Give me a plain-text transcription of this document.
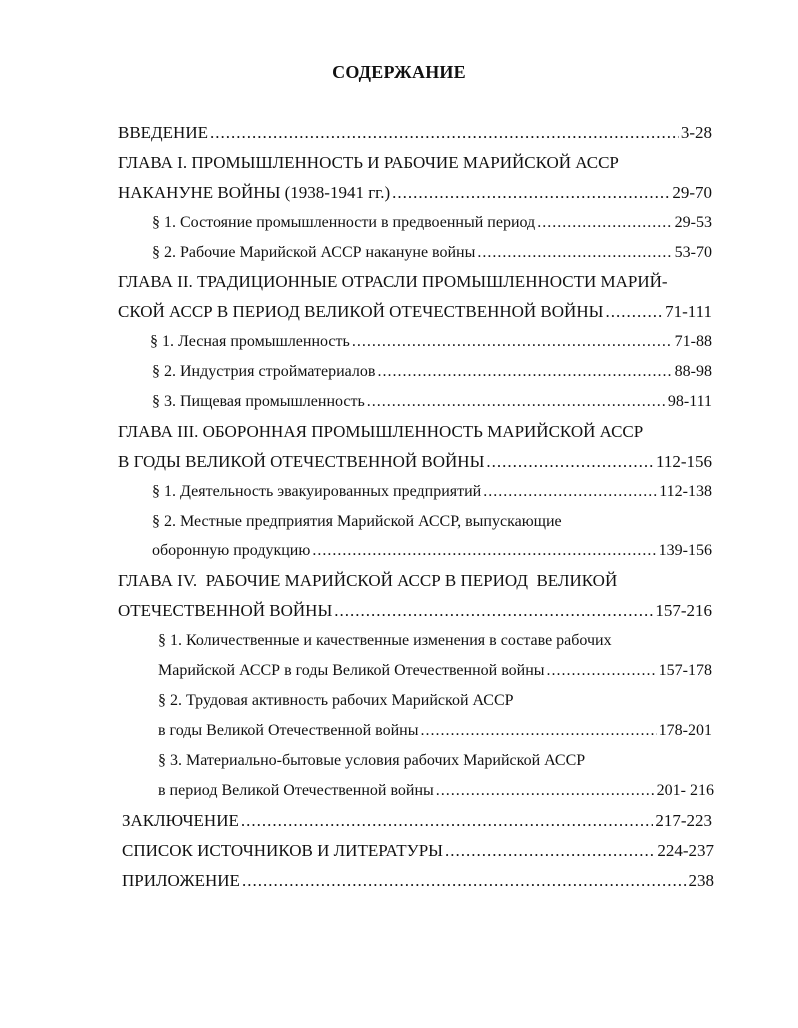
СОДЕРЖАНИЕ
ВВЕДЕНИЕ .....	3-28
ГЛАВА I. ПРОМЫШЛЕННОСТЬ И РАБОЧИЕ МАРИЙСКОЙ АССР
НАКАНУНЕ ВОЙНЫ (1938-1941 гг.) .....	29-70
§ 1. Состояние промышленности в предвоенный период .....	29-53
§ 2. Рабочие Марийской АССР накануне войны .....	53-70
ГЛАВА II. ТРАДИЦИОННЫЕ ОТРАСЛИ ПРОМЫШЛЕННОСТИ МАРИЙ-
СКОЙ АССР В ПЕРИОД ВЕЛИКОЙ ОТЕЧЕСТВЕННОЙ ВОЙНЫ .....	71-111
§ 1. Лесная промышленность .....	71-88
§ 2. Индустрия стройматериалов .....	88-98
§ 3. Пищевая промышленность .....	98-111
ГЛАВА III. ОБОРОННАЯ ПРОМЫШЛЕННОСТЬ МАРИЙСКОЙ АССР
В ГОДЫ ВЕЛИКОЙ ОТЕЧЕСТВЕННОЙ ВОЙНЫ .....	112-156
§ 1. Деятельность эвакуированных предприятий .....	112-138
§ 2. Местные предприятия Марийской АССР, выпускающие
оборонную продукцию .....	139-156
ГЛАВА IV.  РАБОЧИЕ МАРИЙСКОЙ АССР В ПЕРИОД  ВЕЛИКОЙ
ОТЕЧЕСТВЕННОЙ ВОЙНЫ .....	157-216
§ 1. Количественные и качественные изменения в составе рабочих
Марийской АССР в годы Великой Отечественной войны .....	157-178
§ 2. Трудовая активность рабочих Марийской АССР
в годы Великой Отечественной войны .....	178-201
§ 3. Материально-бытовые условия рабочих Марийской АССР
в период Великой Отечественной войны .....	201- 216
ЗАКЛЮЧЕНИЕ .....	217-223
СПИСОК ИСТОЧНИКОВ И ЛИТЕРАТУРЫ .....	224-237
ПРИЛОЖЕНИЕ .....	238
